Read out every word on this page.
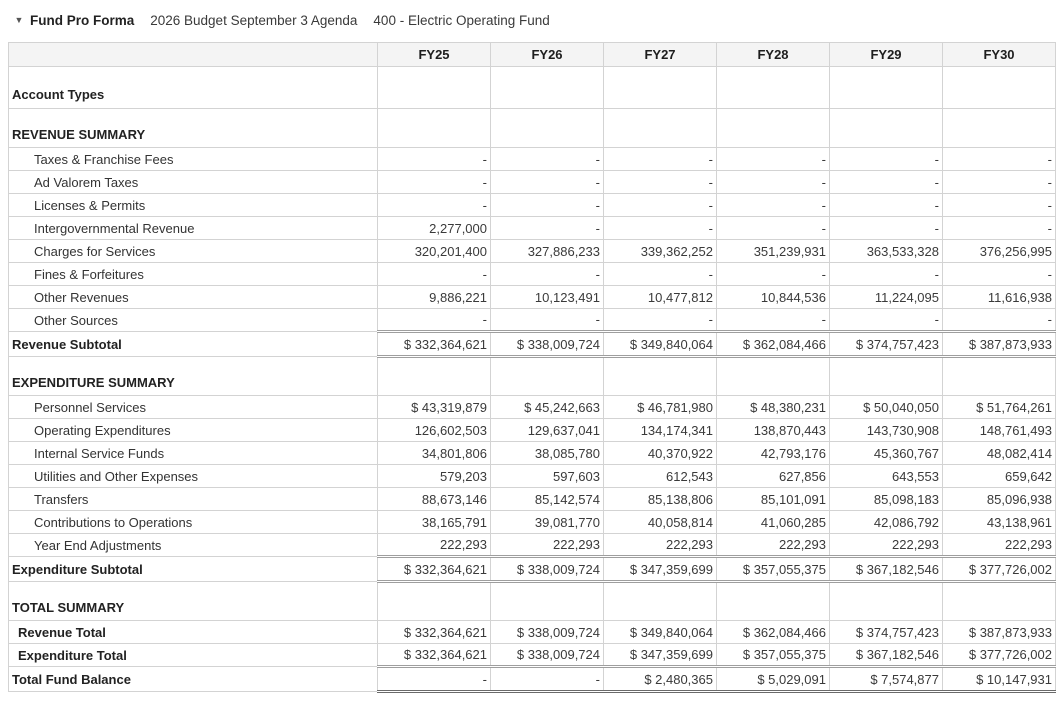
▼ Fund Pro Forma 2026 Budget September 3 Agenda 400 - Electric Operating Fund
	FY25	FY26	FY27	FY28	FY29	FY30
Account Types						
REVENUE SUMMARY						
Taxes & Franchise Fees	-	-	-	-	-	-
Ad Valorem Taxes	-	-	-	-	-	-
Licenses & Permits	-	-	-	-	-	-
Intergovernmental Revenue	2,277,000	-	-	-	-	-
Charges for Services	320,201,400	327,886,233	339,362,252	351,239,931	363,533,328	376,256,995
Fines & Forfeitures	-	-	-	-	-	-
Other Revenues	9,886,221	10,123,491	10,477,812	10,844,536	11,224,095	11,616,938
Other Sources	-	-	-	-	-	-
Revenue Subtotal	$ 332,364,621	$ 338,009,724	$ 349,840,064	$ 362,084,466	$ 374,757,423	$ 387,873,933
EXPENDITURE SUMMARY						
Personnel Services	$ 43,319,879	$ 45,242,663	$ 46,781,980	$ 48,380,231	$ 50,040,050	$ 51,764,261
Operating Expenditures	126,602,503	129,637,041	134,174,341	138,870,443	143,730,908	148,761,493
Internal Service Funds	34,801,806	38,085,780	40,370,922	42,793,176	45,360,767	48,082,414
Utilities and Other Expenses	579,203	597,603	612,543	627,856	643,553	659,642
Transfers	88,673,146	85,142,574	85,138,806	85,101,091	85,098,183	85,096,938
Contributions to Operations	38,165,791	39,081,770	40,058,814	41,060,285	42,086,792	43,138,961
Year End Adjustments	222,293	222,293	222,293	222,293	222,293	222,293
Expenditure Subtotal	$ 332,364,621	$ 338,009,724	$ 347,359,699	$ 357,055,375	$ 367,182,546	$ 377,726,002
TOTAL SUMMARY						
Revenue Total	$ 332,364,621	$ 338,009,724	$ 349,840,064	$ 362,084,466	$ 374,757,423	$ 387,873,933
Expenditure Total	$ 332,364,621	$ 338,009,724	$ 347,359,699	$ 357,055,375	$ 367,182,546	$ 377,726,002
Total Fund Balance	-	-	$ 2,480,365	$ 5,029,091	$ 7,574,877	$ 10,147,931
